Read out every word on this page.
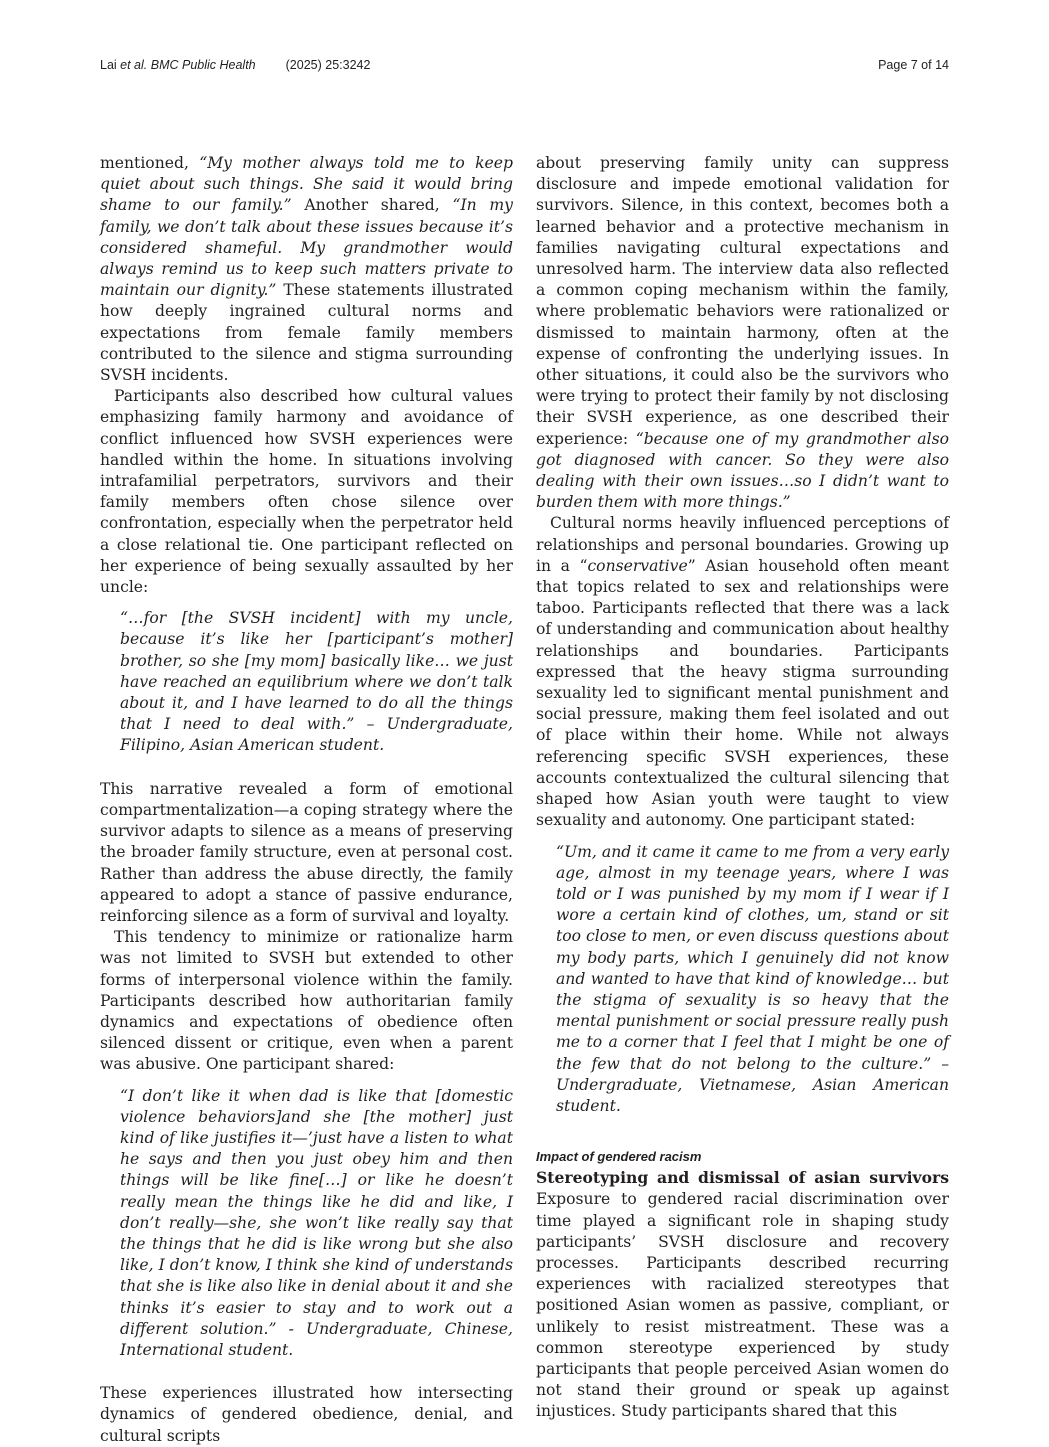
Lai et al. BMC Public Health (2025) 25:3242	Page 7 of 14

mentioned, “My mother always told me to keep quiet about such things. She said it would bring shame to our family.” Another shared, “In my family, we don’t talk about these issues because it’s considered shameful. My grandmother would always remind us to keep such matters private to maintain our dignity.” These statements illustrated how deeply ingrained cultural norms and expectations from female family members contributed to the silence and stigma surrounding SVSH incidents.

Participants also described how cultural values emphasizing family harmony and avoidance of conflict influenced how SVSH experiences were handled within the home. In situations involving intrafamilial perpetrators, survivors and their family members often chose silence over confrontation, especially when the perpetrator held a close relational tie. One participant reflected on her experience of being sexually assaulted by her uncle:

“…for [the SVSH incident] with my uncle, because it’s like her [participant’s mother] brother, so she [my mom] basically like… we just have reached an equilibrium where we don’t talk about it, and I have learned to do all the things that I need to deal with.” – Undergraduate, Filipino, Asian American student.

This narrative revealed a form of emotional compartmentalization—a coping strategy where the survivor adapts to silence as a means of preserving the broader family structure, even at personal cost. Rather than address the abuse directly, the family appeared to adopt a stance of passive endurance, reinforcing silence as a form of survival and loyalty.

This tendency to minimize or rationalize harm was not limited to SVSH but extended to other forms of interpersonal violence within the family. Participants described how authoritarian family dynamics and expectations of obedience often silenced dissent or critique, even when a parent was abusive. One participant shared:

“I don’t like it when dad is like that [domestic violence behaviors]and she [the mother] just kind of like justifies it—’just have a listen to what he says and then you just obey him and then things will be like fine[…] or like he doesn’t really mean the things like he did and like, I don’t really—she, she won’t like really say that the things that he did is like wrong but she also like, I don’t know, I think she kind of understands that she is like also like in denial about it and she thinks it’s easier to stay and to work out a different solution.” - Undergraduate, Chinese, International student.

These experiences illustrated how intersecting dynamics of gendered obedience, denial, and cultural scripts

about preserving family unity can suppress disclosure and impede emotional validation for survivors. Silence, in this context, becomes both a learned behavior and a protective mechanism in families navigating cultural expectations and unresolved harm. The interview data also reflected a common coping mechanism within the family, where problematic behaviors were rationalized or dismissed to maintain harmony, often at the expense of confronting the underlying issues. In other situations, it could also be the survivors who were trying to protect their family by not disclosing their SVSH experience, as one described their experience: “because one of my grandmother also got diagnosed with cancer. So they were also dealing with their own issues…so I didn’t want to burden them with more things.”

Cultural norms heavily influenced perceptions of relationships and personal boundaries. Growing up in a “conservative” Asian household often meant that topics related to sex and relationships were taboo. Participants reflected that there was a lack of understanding and communication about healthy relationships and boundaries. Participants expressed that the heavy stigma surrounding sexuality led to significant mental punishment and social pressure, making them feel isolated and out of place within their home. While not always referencing specific SVSH experiences, these accounts contextualized the cultural silencing that shaped how Asian youth were taught to view sexuality and autonomy. One participant stated:

“Um, and it came it came to me from a very early age, almost in my teenage years, where I was told or I was punished by my mom if I wear if I wore a certain kind of clothes, um, stand or sit too close to men, or even discuss questions about my body parts, which I genuinely did not know and wanted to have that kind of knowledge… but the stigma of sexuality is so heavy that the mental punishment or social pressure really push me to a corner that I feel that I might be one of the few that do not belong to the culture.” – Undergraduate, Vietnamese, Asian American student.
Impact of gendered racism

Stereotyping and dismissal of asian survivors Exposure to gendered racial discrimination over time played a significant role in shaping study participants’ SVSH disclosure and recovery processes. Participants described recurring experiences with racialized stereotypes that positioned Asian women as passive, compliant, or unlikely to resist mistreatment. These was a common stereotype experienced by study participants that people perceived Asian women do not stand their ground or speak up against injustices. Study participants shared that this
